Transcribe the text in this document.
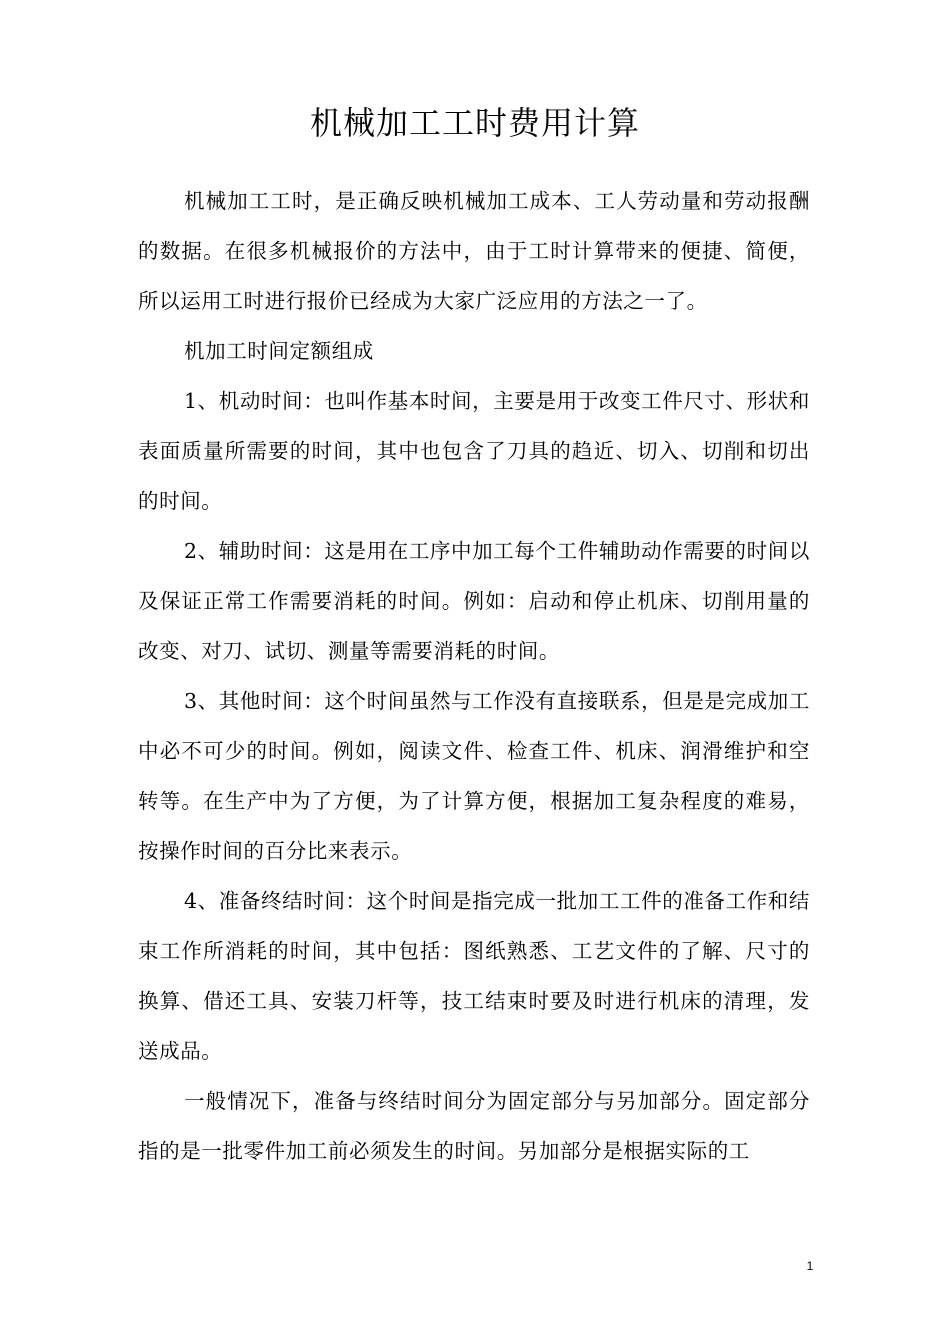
机械加工工时费用计算

机械加工工时，是正确反映机械加工成本、工人劳动量和劳动报酬的数据。在很多机械报价的方法中，由于工时计算带来的便捷、简便，所以运用工时进行报价已经成为大家广泛应用的方法之一了。

机加工时间定额组成

1、机动时间：也叫作基本时间，主要是用于改变工件尺寸、形状和表面质量所需要的时间，其中也包含了刀具的趋近、切入、切削和切出的时间。

2、辅助时间：这是用在工序中加工每个工件辅助动作需要的时间以及保证正常工作需要消耗的时间。例如：启动和停止机床、切削用量的改变、对刀、试切、测量等需要消耗的时间。

3、其他时间：这个时间虽然与工作没有直接联系，但是是完成加工中必不可少的时间。例如，阅读文件、检查工件、机床、润滑维护和空转等。在生产中为了方便，为了计算方便，根据加工复杂程度的难易，按操作时间的百分比来表示。

4、准备终结时间：这个时间是指完成一批加工工件的准备工作和结束工作所消耗的时间，其中包括：图纸熟悉、工艺文件的了解、尺寸的换算、借还工具、安装刀杆等，技工结束时要及时进行机床的清理，发送成品。

一般情况下，准备与终结时间分为固定部分与另加部分。固定部分指的是一批零件加工前必须发生的时间。另加部分是根据实际的工

1
